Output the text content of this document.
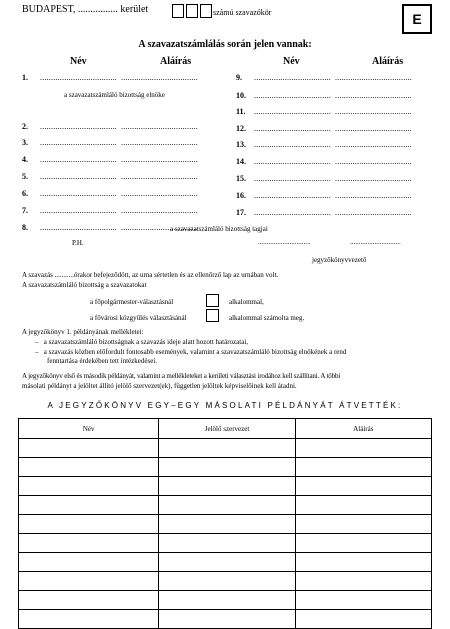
BUDAPEST, ................ kerület	számú szavazókör	E
A szavazatszámlálás során jelen vannak:
Név	Aláírás	Név	Aláírás
1. ................................... ...................................
a szavazatszámláló bizottság elnöke
2. ................................... ...................................
3. ................................... ...................................
4. ................................... ...................................
5. ................................... ...................................
6. ................................... ...................................
7. ................................... ...................................
8. ................................... ...................................
9. ................................... ...................................
10. ................................... ...................................
11. ................................... ...................................
12. ................................... ...................................
13. ................................... ...................................
14. ................................... ...................................
15. ................................... ...................................
16. ................................... ...................................
17. ................................... ...................................
a szavazatszámláló bizottság tagjai
P.H.	..............................	.............................
jegyzőkönyvvezető
A szavazás ...........órakor befejeződött, az urna sértetlen és az ellenőrző lap az urnában volt.
A szavazatszámláló bizottság a szavazatokat
a főpolgármester-választásnál	alkalommal,
a fővárosi közgyűlés választásánál	alkalommal számolta meg.
A jegyzőkönyv 1. példányának mellékletei:
–   a szavazatszámláló bizottságnak a szavazás ideje alatt hozott határozatai,
–   a szavazás közben előfordult fontosabb események, valamint a szavazatszámláló bizottság elnökének a rend
fenntartása érdekében tett intézkedései.
A jegyzőkönyv első és második példányát, valamint a mellékleteket a kerületi választási irodához kell szállítani. A többi
másolati példányt a jelöltet állító jelölő szervezet(ek), független jelöltek képviselőinek kell átadni.
A JEGYZŐKÖNYV EGY–EGY MÁSOLATI PÉLDÁNYÁT ÁTVETTÉK:
Név	Jelölő szervezet	Aláírás
